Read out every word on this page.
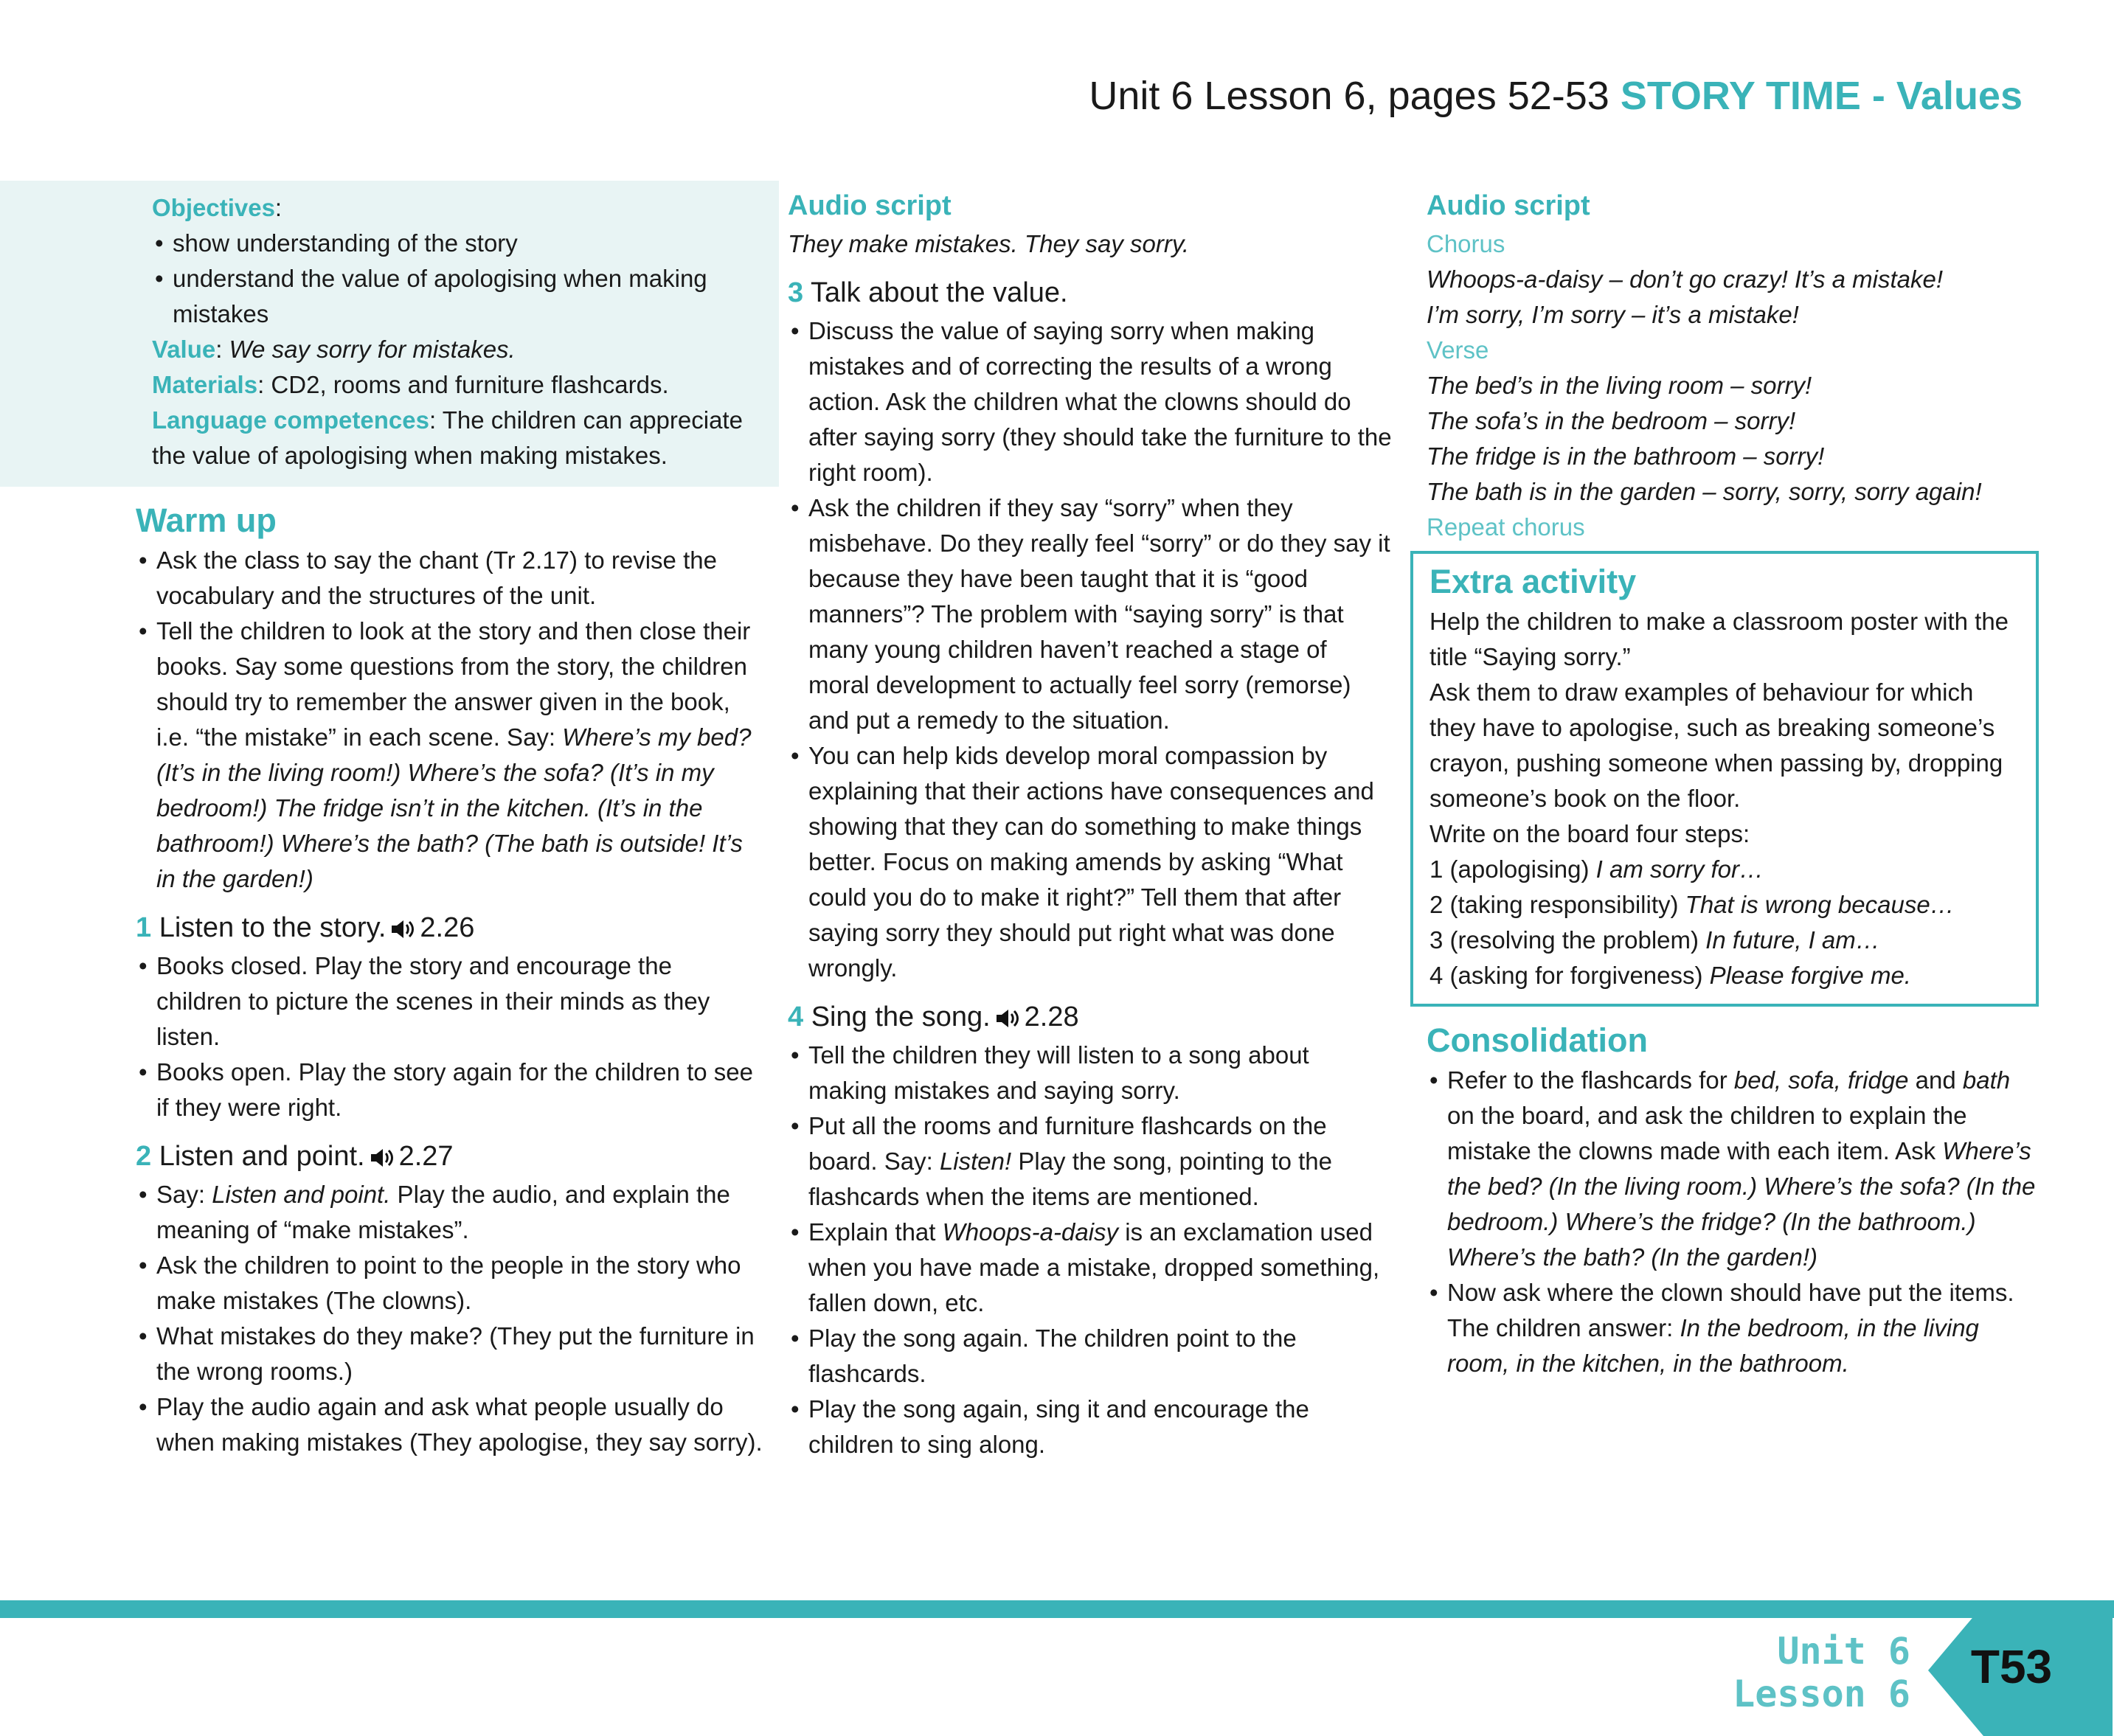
Unit 6 Lesson 6, pages 52-53 STORY TIME - Values
Objectives:
• show understanding of the story
• understand the value of apologising when making mistakes
Value: We say sorry for mistakes.
Materials: CD2, rooms and furniture flashcards.
Language competences: The children can appreciate the value of apologising when making mistakes.
Warm up
• Ask the class to say the chant (Tr 2.17) to revise the vocabulary and the structures of the unit.
• Tell the children to look at the story and then close their books. Say some questions from the story, the children should try to remember the answer given in the book, i.e. “the mistake” in each scene. Say: Where’s my bed? (It’s in the living room!) Where’s the sofa? (It’s in my bedroom!) The fridge isn’t in the kitchen. (It’s in the bathroom!) Where’s the bath? (The bath is outside! It’s in the garden!)
1 Listen to the story. 2.26
• Books closed. Play the story and encourage the children to picture the scenes in their minds as they listen.
• Books open. Play the story again for the children to see if they were right.
2 Listen and point. 2.27
• Say: Listen and point. Play the audio, and explain the meaning of “make mistakes”.
• Ask the children to point to the people in the story who make mistakes (The clowns).
• What mistakes do they make? (They put the furniture in the wrong rooms.)
• Play the audio again and ask what people usually do when making mistakes (They apologise, they say sorry).
Audio script
They make mistakes. They say sorry.
3 Talk about the value.
• Discuss the value of saying sorry when making mistakes and of correcting the results of a wrong action. Ask the children what the clowns should do after saying sorry (they should take the furniture to the right room).
• Ask the children if they say “sorry” when they misbehave. Do they really feel “sorry” or do they say it because they have been taught that it is “good manners”? The problem with “saying sorry” is that many young children haven’t reached a stage of moral development to actually feel sorry (remorse) and put a remedy to the situation.
• You can help kids develop moral compassion by explaining that their actions have consequences and showing that they can do something to make things better. Focus on making amends by asking “What could you do to make it right?” Tell them that after saying sorry they should put right what was done wrongly.
4 Sing the song. 2.28
• Tell the children they will listen to a song about making mistakes and saying sorry.
• Put all the rooms and furniture flashcards on the board. Say: Listen! Play the song, pointing to the flashcards when the items are mentioned.
• Explain that Whoops-a-daisy is an exclamation used when you have made a mistake, dropped something, fallen down, etc.
• Play the song again. The children point to the flashcards.
• Play the song again, sing it and encourage the children to sing along.
Audio script
Chorus
Whoops-a-daisy – don’t go crazy! It’s a mistake!
I’m sorry, I’m sorry – it’s a mistake!
Verse
The bed’s in the living room – sorry!
The sofa’s in the bedroom – sorry!
The fridge is in the bathroom – sorry!
The bath is in the garden – sorry, sorry, sorry again!
Repeat chorus
Extra activity
Help the children to make a classroom poster with the title “Saying sorry.”
Ask them to draw examples of behaviour for which they have to apologise, such as breaking someone’s crayon, pushing someone when passing by, dropping someone’s book on the floor.
Write on the board four steps:
1 (apologising) I am sorry for…
2 (taking responsibility) That is wrong because…
3 (resolving the problem) In future, I am…
4 (asking for forgiveness) Please forgive me.
Consolidation
• Refer to the flashcards for bed, sofa, fridge and bath on the board, and ask the children to explain the mistake the clowns made with each item. Ask Where’s the bed? (In the living room.) Where’s the sofa? (In the bedroom.) Where’s the fridge? (In the bathroom.) Where’s the bath? (In the garden!)
• Now ask where the clown should have put the items. The children answer: In the bedroom, in the living room, in the kitchen, in the bathroom.
Unit 6
Lesson 6
T53
